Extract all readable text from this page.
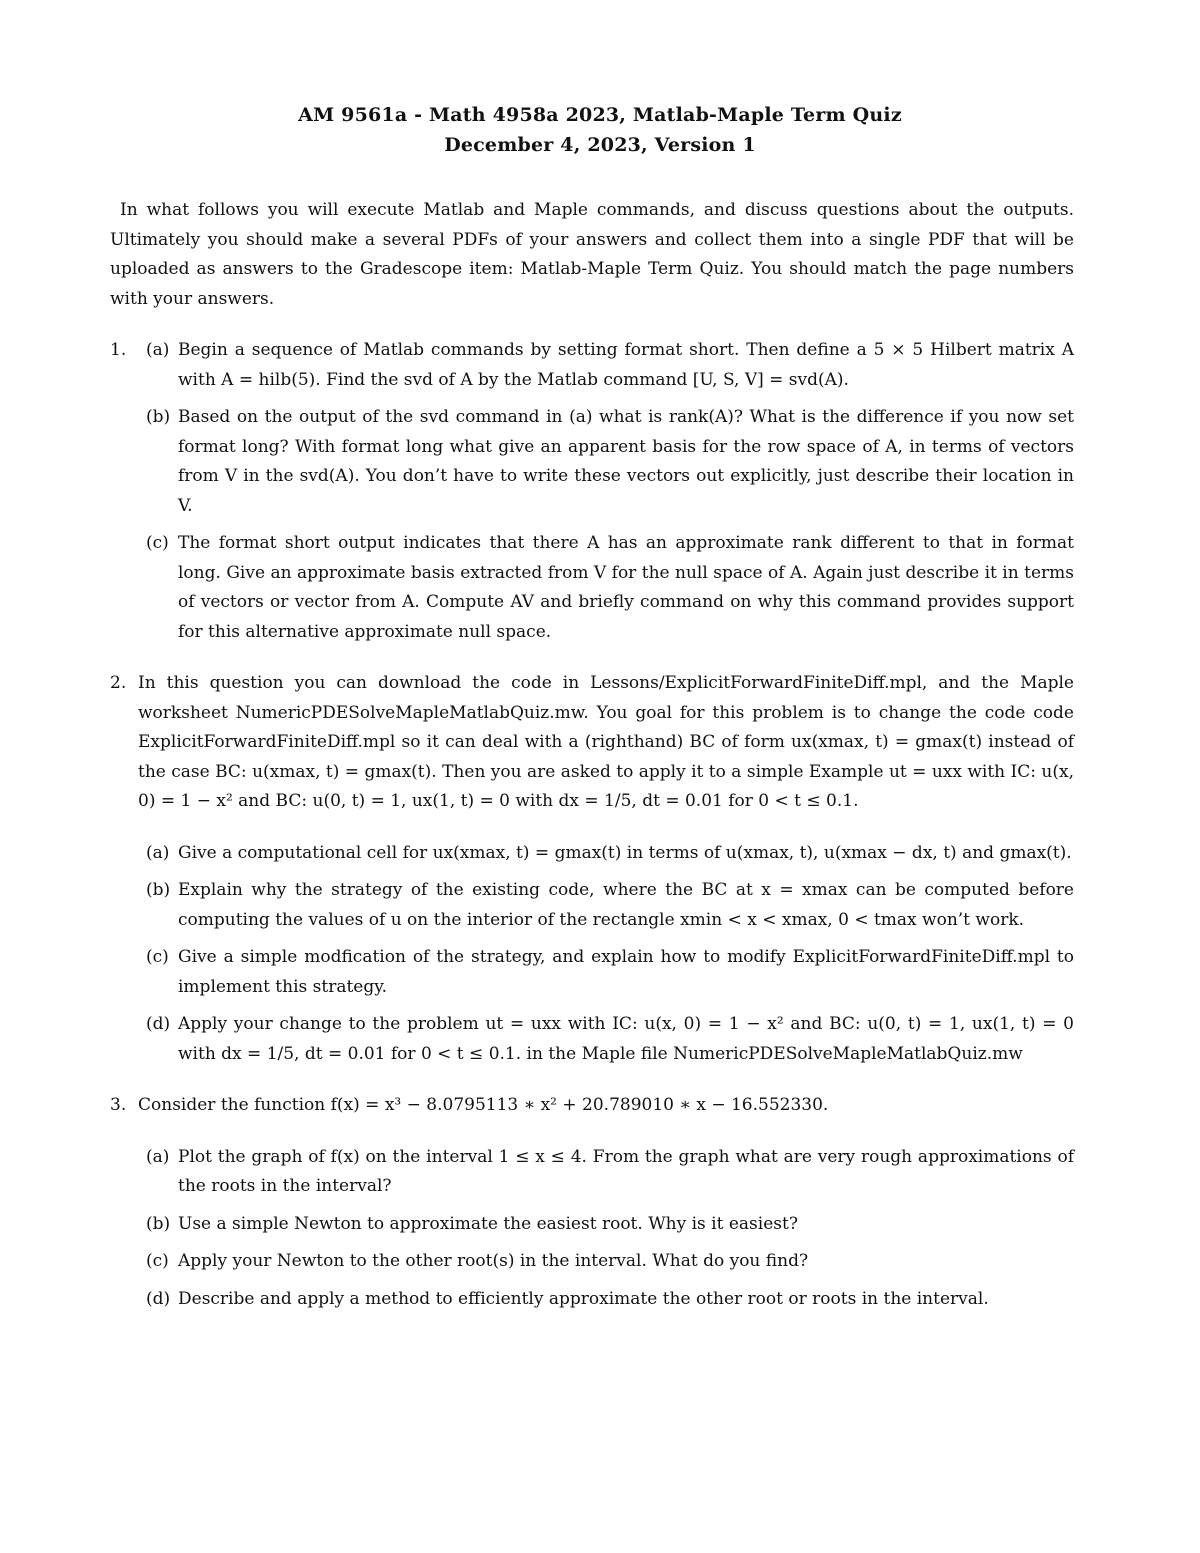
AM 9561a - Math 4958a 2023, Matlab-Maple Term Quiz
December 4, 2023, Version 1

In what follows you will execute Matlab and Maple commands, and discuss questions about the outputs. Ultimately you should make a several PDFs of your answers and collect them into a single PDF that will be uploaded as answers to the Gradescope item: Matlab-Maple Term Quiz. You should match the page numbers with your answers.

1.	(a) Begin a sequence of Matlab commands by setting format short. Then define a 5 × 5 Hilbert matrix A with A = hilb(5). Find the svd of A by the Matlab command [U, S, V] = svd(A).
(b) Based on the output of the svd command in (a) what is rank(A)? What is the difference if you now set format long? With format long what give an apparent basis for the row space of A, in terms of vectors from V in the svd(A). You don’t have to write these vectors out explicitly, just describe their location in V.
(c) The format short output indicates that there A has an approximate rank different to that in format long. Give an approximate basis extracted from V for the null space of A. Again just describe it in terms of vectors or vector from A. Compute AV and briefly command on why this command provides support for this alternative approximate null space.
2. In this question you can download the code in Lessons/ExplicitForwardFiniteDiff.mpl, and the Maple worksheet NumericPDESolveMapleMatlabQuiz.mw. You goal for this problem is to change the code code ExplicitForwardFiniteDiff.mpl so it can deal with a (righthand) BC of form ux(xmax, t) = gmax(t) instead of the case BC: u(xmax, t) = gmax(t). Then you are asked to apply it to a simple Example ut = uxx with IC: u(x, 0) = 1 − x² and BC: u(0, t) = 1, ux(1, t) = 0 with dx = 1/5, dt = 0.01 for 0 < t ≤ 0.1.

(a) Give a computational cell for ux(xmax, t) = gmax(t) in terms of u(xmax, t), u(xmax − dx, t) and gmax(t).
(b) Explain why the strategy of the existing code, where the BC at x = xmax can be computed before computing the values of u on the interior of the rectangle xmin < x < xmax, 0 < tmax won’t work.
(c) Give a simple modfication of the strategy, and explain how to modify ExplicitForwardFiniteDiff.mpl to implement this strategy.
(d) Apply your change to the problem ut = uxx with IC: u(x, 0) = 1 − x² and BC: u(0, t) = 1, ux(1, t) = 0 with dx = 1/5, dt = 0.01 for 0 < t ≤ 0.1. in the Maple file NumericPDESolveMapleMatlabQuiz.mw
3. Consider the function f(x) = x³ − 8.0795113 ∗ x² + 20.789010 ∗ x − 16.552330.

(a) Plot the graph of f(x) on the interval 1 ≤ x ≤ 4. From the graph what are very rough approximations of the roots in the interval?
(b) Use a simple Newton to approximate the easiest root. Why is it easiest?
(c) Apply your Newton to the other root(s) in the interval. What do you find?
(d) Describe and apply a method to efficiently approximate the other root or roots in the interval.
